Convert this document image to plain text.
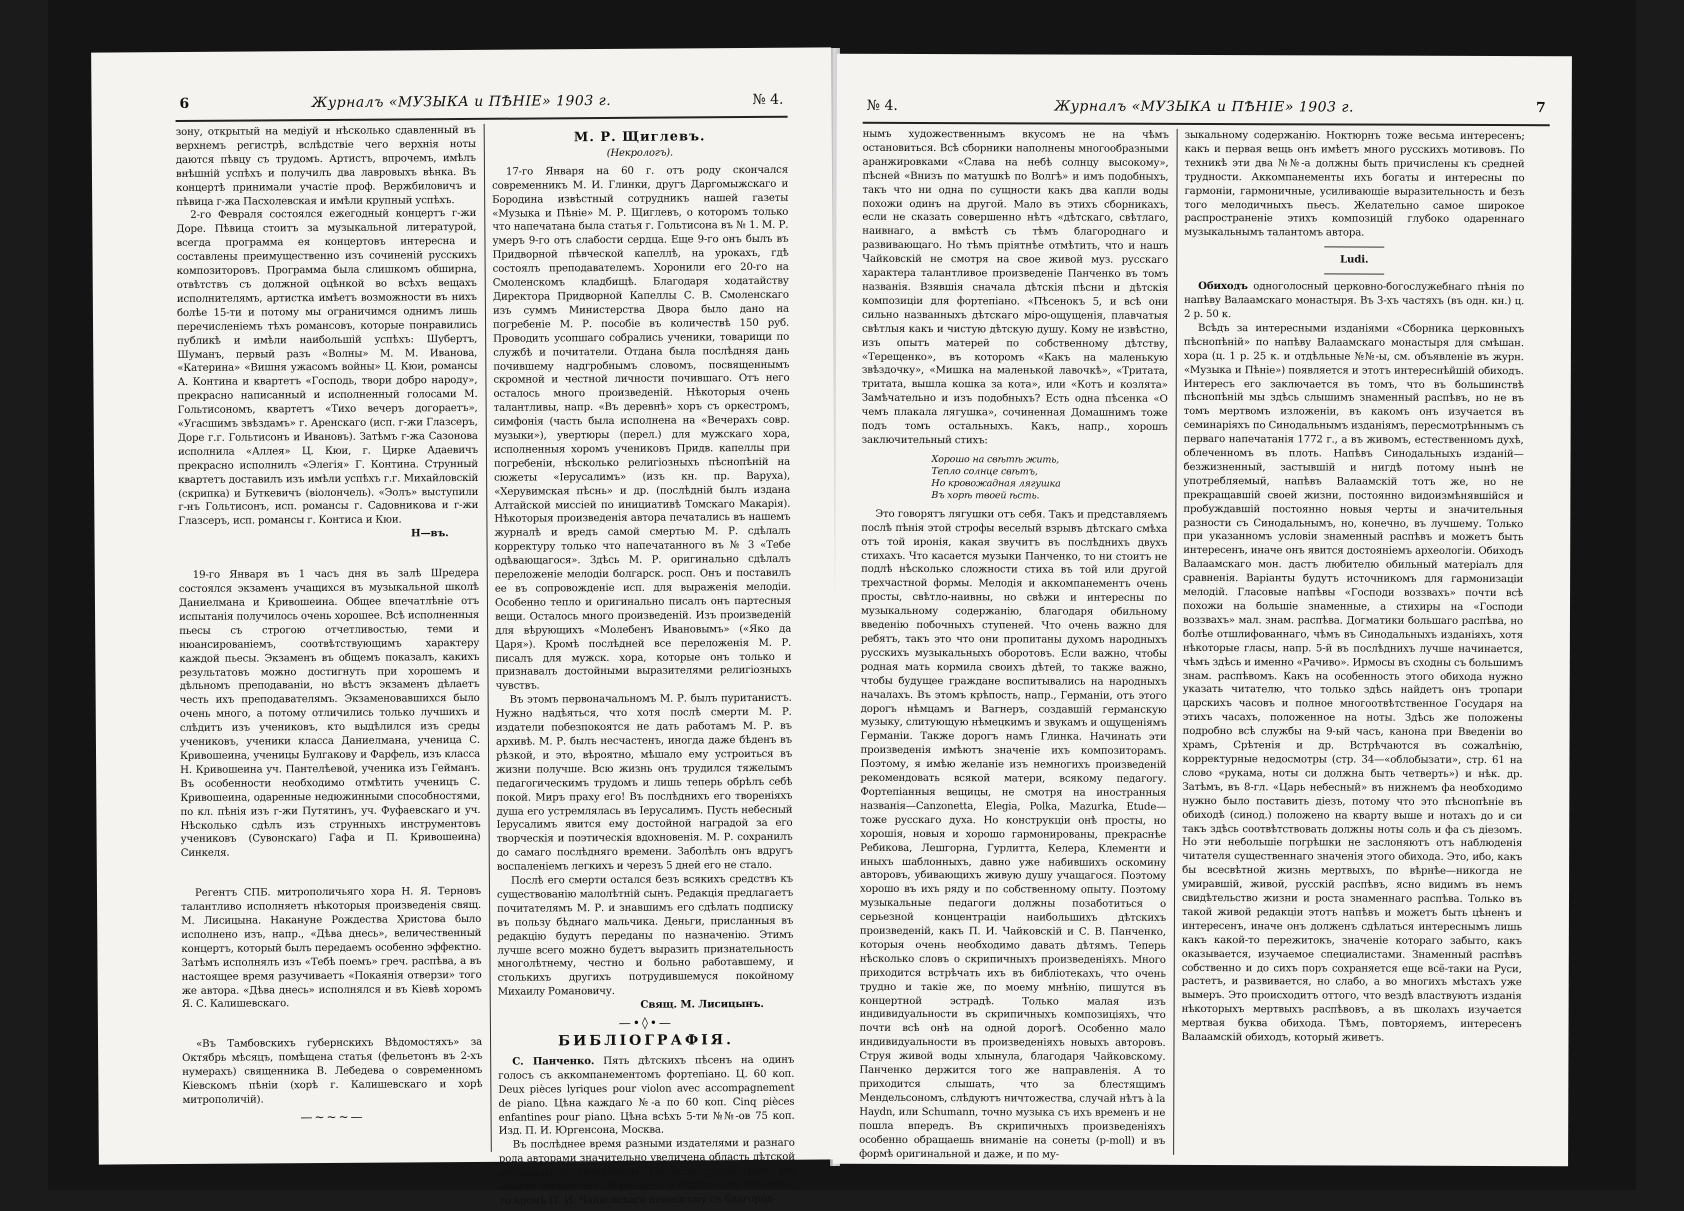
6	Журналъ «МУЗЫКА и ПѢНІЕ» 1903 г.	№ 4.

зону, открытый на медіуй и нѣсколько сдавленный въ верхнемъ регистрѣ, вслѣдствіе чего верхнія ноты даются пѣвцу съ трудомъ. Артистъ, впрочемъ, имѣлъ внѣшній успѣхъ и получилъ два лавровыхъ вѣнка. Въ концертѣ принимали участіе проф. Вержбиловичъ и пѣвица г-жа Пасхолевская и имѣли крупный успѣхъ.

2-го Февраля состоялся ежегодный концертъ г-жи Доре. Пѣвица стоитъ за музыкальной литературой, всегда программа ея концертовъ интересна и составлены преимущественно изъ сочиненій русскихъ композиторовъ. Программа была слишкомъ обширна, отвѣтствъ съ должной оцѣнкой во всѣхъ вещахъ исполнителямъ, артистка имѣетъ возможности въ нихъ болѣе 15-ти и потому мы ограничимся однимъ лишь перечисленіемъ тѣхъ романсовъ, которые понравились публикѣ и имѣли наибольшій успѣхъ: Шубертъ, Шуманъ, первый разъ «Волны» М. М. Иванова, «Катерина» «Вишня ужасомъ войны» Ц. Кюи, романсы А. Контина и квартетъ «Господь, твори добро народу», прекрасно написанный и исполненный голосами М. Гольтисономъ, квартетъ «Тихо вечеръ догораетъ», «Угасшимъ звѣздамъ» г. Аренскаго (исп. г-жи Глазсеръ, Доре г.г. Гольтисонъ и Ивановъ). Затѣмъ г-жа Сазонова исполнила «Аллея» Ц. Кюи, г. Цирке Адаевичъ прекрасно исполнилъ «Элегія» Г. Контина. Струнный квартетъ доставилъ изъ имѣли успѣхъ г.г. Михайловскій (скрипка) и Буткевичъ (віолончель). «Эолъ» выступили г-нъ Гольтисонъ, исп. романсы г. Садовникова и г-жи Глазсеръ, исп. романсы г. Контиса и Кюи.

Н—въ.

19-го Января въ 1 часъ дня въ залѣ Шредера состоялся экзаменъ учащихся въ музыкальной школѣ Даниелмана и Кривошеина. Общее впечатлѣніе отъ испытанія получилось очень хорошее. Всѣ исполненныя пьесы съ строгою отчетливостью, теми и нюансированіемъ, соотвѣтствующимъ характеру каждой пьесы. Экзаменъ въ общемъ показалъ, какихъ результатовъ можно достигнуть при хорошемъ и дѣльномъ преподаваніи, но вѣстъ экзаменъ дѣлаетъ честь ихъ преподавателямъ. Экзаменовавшихся было очень много, а потому отличились только лучшихъ и слѣдитъ изъ учениковъ, кто выдѣлился изъ среды учениковъ, ученики класса Даниелмана, ученица С. Кривошеина, ученицы Булгакову и Фарфель, изъ класса Н. Кривошеина уч. Пантелѣевой, ученика изъ Гейманъ. Въ особенности необходимо отмѣтить ученицъ С. Кривошеина, одаренные недюжинными способностями, по кл. пѣнія изъ г-жи Путятинъ, уч. Фуфаевскаго и уч. Нѣсколько сдѣлъ изъ струнныхъ инструментовъ учениковъ (Сувонскаго) Гафа и П. Кривошеина) Синкеля.

Регентъ СПБ. митрополичьяго хора Н. Я. Терновъ талантливо исполняетъ нѣкоторыя произведенія свящ. М. Лисицына. Накануне Рождества Христова было исполнено изъ, напр., «Дѣва днесь», величественный концертъ, который былъ передаемъ особенно эффектно. Затѣмъ исполнялъ изъ «Тебѣ поемъ» греч. распѣва, а въ настоящее время разучиваетъ «Покаянія отверзи» того же автора. «Дѣва днесь» исполнялся и въ Кіевѣ хоромъ Я. С. Калишевскаго.

«Въ Тамбовскихъ губернскихъ Вѣдомостяхъ» за Октябрь мѣсяцъ, помѣщена статья (фельетонъ въ 2-хъ нумерахъ) священника В. Лебедева о современномъ Кіевскомъ пѣніи (хорѣ г. Калишевскаго и хорѣ митрополичій).

—~~~—
М. Р. Щиглевъ.
(Некрологъ).

17-го Января на 60 г. отъ роду скончался современникъ М. И. Глинки, другъ Даргомыжскаго и Бородина извѣстный сотрудникъ нашей газеты «Музыка и Пѣніе» М. Р. Щиглевъ, о которомъ только что напечатана была статья г. Гольтисона въ № 1. М. Р. умеръ 9-го отъ слабости сердца. Еще 9-го онъ былъ въ Придворной пѣвческой капеллѣ, на урокахъ, гдѣ состоялъ преподавателемъ. Хоронили его 20-го на Смоленскомъ кладбищѣ. Благодаря ходатайству Директора Придворной Капеллы С. В. Смоленскаго изъ суммъ Министерства Двора было дано на погребеніе М. Р. пособіе въ количествѣ 150 руб. Проводить усопшаго собрались ученики, товарищи по службѣ и почитатели. Отдана была послѣдняя дань почившему надгробнымъ словомъ, посвященнымъ скромной и честной личности почившаго. Отъ него осталось много произведеній. Нѣкоторыя очень талантливы, напр. «Въ деревнѣ» хоръ съ оркестромъ, симфонія (часть была исполнена на «Вечерахъ совр. музыки»), увертюры (перел.) для мужскаго хора, исполненныя хоромъ учениковъ Придв. капеллы при погребеніи, нѣсколько религіозныхъ пѣснопѣній на сюжеты «Іерусалимъ» (изъ кн. пр. Варуха), «Херувимская пѣснь» и др. (послѣдній былъ издана Алтайской миссіей по инициативѣ Томскаго Макарія). Нѣкоторыя произведенія автора печатались въ нашемъ журналѣ и вредъ самой смертью М. Р. сдѣлалъ корректуру только что напечатанного въ № 3 «Тебе одѣвающагося». Здѣсь М. Р. оригинально сдѣлалъ переложеніе мелодіи болгарск. росп. Онъ и поставилъ ее въ сопровожденіе исп. для выраженія мелодіи. Особенно тепло и оригинально писалъ онъ партесныя вещи. Осталось много произведеній. Изъ произведеній для вѣрующихъ «Молебенъ Ивановымъ» («Яко да Царя»). Кромѣ послѣдней все переложенія М. Р. писалъ для мужск. хора, которые онъ только и признавалъ достойными выразителями религіозныхъ чувствъ.

Въ этомъ первоначальномъ М. Р. былъ пуританистъ. Нужно надѣяться, что хотя послѣ смерти М. Р. издатели побезпокоятся не дать работамъ М. Р. въ архивѣ. М. Р. былъ несчастенъ, иногда даже бѣденъ въ рѣзкой, и это, вѣроятно, мѣшало ему устроиться въ жизни получше. Всю жизнь онъ трудился тяжелымъ педагогическимъ трудомъ и лишь теперь обрѣлъ себѣ покой. Миръ праху его! Въ послѣднихъ его твореніяхъ душа его устремлялась въ Іерусалимъ. Пусть небесный Іерусалимъ явится ему достойной наградой за его творческія и поэтическія вдохновенія. М. Р. сохранилъ до самаго послѣдняго времени. Заболѣлъ онъ вдругъ воспаленіемъ легкихъ и черезъ 5 дней его не стало.

Послѣ его смерти остался безъ всякихъ средствъ къ существованію малолѣтній сынъ. Редакція предлагаетъ почитателямъ М. Р. и знавшимъ его сдѣлать подписку въ пользу бѣднаго мальчика. Деньги, присланныя въ редакцію будутъ переданы по назначенію. Этимъ лучше всего можно будетъ выразить признательность многолѣтнему, честно и больно работавшему, и столькихъ другихъ потрудившемуся покойному Михаилу Романовичу.

Свящ. М. Лисицынъ.
—•◊•—
БИБЛІОГРАФІЯ.

С. Панченко. Пять дѣтскихъ пѣсенъ на одинъ голосъ съ аккомпанементомъ фортепіано. Ц. 60 коп. Deux pièces lyriques pour violon avec accompagnement de piano. Цѣна каждаго №-а по 60 коп. Cinq pièces enfantines pour piano. Цѣна всѣхъ 5-ти №№-ов 75 коп. Изд. П. И. Юргенсона, Москва.

Въ послѣднее время разными издателями и разнаго рода авторами значительно увеличена область дѣтской музыкальной литературы. Но если просмотрѣть все многое множество сборниковъ и отдѣльныхъ №№-ровъ, то кромѣ П. И. Чайковскаго немногому съ благород-

№ 4.	Журналъ «МУЗЫКА и ПѢНІЕ» 1903 г.	7

нымъ художественнымъ вкусомъ не на чѣмъ остановиться. Всѣ сборники наполнены многообразными аранжировками «Слава на небѣ солнцу высокому», пѣсней «Внизъ по матушкѣ по Волгѣ» и имъ подобныхъ, такъ что ни одна по сущности какъ два капли воды похожи одинъ на другой. Мало въ этихъ сборникахъ, если не сказать совершенно нѣтъ «дѣтскаго, свѣтлаго, наивнаго, а вмѣстѣ съ тѣмъ благороднаго и развивающаго. Но тѣмъ пріятнѣе отмѣтить, что и нашъ Чайковскій не смотря на свое живой муз. русскаго характера талантливое произведеніе Панченко въ томъ названія. Взявшія сначала дѣтскія пѣсни и дѣтскія композиціи для фортепіано. «Пѣсенокъ 5, и всѣ они сильно названныхъ дѣтскаго міро-ощущенія, плавчатыя свѣтлыя какъ и чистую дѣтскую душу. Кому не извѣстно, изъ опытъ матерей по собственному дѣтству, «Терещенко», въ которомъ «Какъ на маленькую звѣздочку», «Мишка на маленькой лавочкѣ», «Тритата, тритата, вышла кошка за кота», или «Котъ и козлята» Замѣчательно и изъ подобныхъ? Есть одна пѣсенка «О чемъ плакала лягушка», сочиненная Домашнимъ тоже подъ томъ остальныхъ. Какъ, напр., хорошъ заключительный стихъ:

Хорошо на свѣтѣ жить,
Тепло солнце свѣтъ,
Но кровожадная лягушка
Въ хорѣ твоей ѣсть.

Это говорятъ лягушки отъ себя. Такъ и представляемъ послѣ пѣнія этой строфы веселый взрывъ дѣтскаго смѣха отъ той иронія, какая звучитъ въ послѣднихъ двухъ стихахъ. Что касается музыки Панченко, то ни стоитъ не подлѣ нѣсколько сложности стиха въ той или другой трехчастной формы. Мелодія и аккомпанементъ очень просты, свѣтло-наивны, но свѣжи и интересны по музыкальному содержанію, благодаря обильному введенію побочныхъ ступеней. Что очень важно для ребятъ, такъ это что они пропитаны духомъ народныхъ русскихъ музыкальныхъ оборотовъ. Если важно, чтобы родная мать кормила своихъ дѣтей, то также важно, чтобы будущее граждане воспитывались на народныхъ началахъ. Въ этомъ крѣпость, напр., Германіи, отъ этого дорогъ нѣмцамъ и Вагнеръ, создавшій германскую музыку, слитующую нѣмецкимъ и звукамъ и ощущеніямъ Германіи. Также дорогъ намъ Глинка. Начинать эти произведенія имѣютъ значеніе ихъ композиторамъ. Поэтому, я имѣю желаніе изъ немногихъ произведеній рекомендовать всякой матери, всякому педагогу. Фортепіанныя вещицы, не смотря на иностранныя названія—Canzonetta, Elegia, Polka, Mazurka, Etude—тоже русскаго духа. Но конструкціи онѣ просты, но хорошія, новыя и хорошо гармонированы, прекраснѣе Ребикова, Лешгорна, Гурлитта, Келера, Клементи и иныхъ шаблонныхъ, давно уже набившихъ оскомину авторовъ, убивающихъ живую душу учащагося. Поэтому хорошо въ ихъ ряду и по собственному опыту. Поэтому музыкальные педагоги должны позаботиться о серьезной концентраціи наибольшихъ дѣтскихъ произведеній, какъ П. И. Чайковскій и С. В. Панченко, которыя очень необходимо давать дѣтямъ. Теперь нѣсколько словъ о скрипичныхъ произведеніяхъ. Много приходится встрѣчать ихъ въ библіотекахъ, что очень трудно и такіе же, по моему мнѣнію, пишутся въ концертной эстрадѣ. Только малая изъ индивидуальности въ скрипичныхъ композиціяхъ, что почти всѣ онѣ на одной дорогѣ. Особенно мало индивидуальности въ произведеніяхъ новыхъ авторовъ. Струя живой воды хлынула, благодаря Чайковскому. Панченко держится того же направленія. А то приходится слышать, что за блестящимъ Мендельсономъ, слѣдуютъ ничтожества, случай нѣтъ à la Haydn, или Schumann, точно музыка съ ихъ временъ и не пошла впередъ. Въ скрипичныхъ произведеніяхъ особенно обращаешь вниманіе на сонеты (p-moll) и въ формѣ оригинальной и даже, и по му-

зыкальному содержанію. Ноктюрнъ тоже весьма интересенъ; какъ и первая вещь онъ имѣетъ много русскихъ мотивовъ. По техникѣ эти два №№-а должны быть причислены къ средней трудности. Аккомпанементы ихъ богаты и интересны по гармоніи, гармоничные, усиливающіе выразительность и безъ того мелодичныхъ пьесъ. Желательно самое широкое распространеніе этихъ композицій глубоко одареннаго музыкальнымъ талантомъ автора.

Ludi.

Обиходъ одноголосный церковно-богослужебнаго пѣнія по напѣву Валаамскаго монастыря. Въ 3-хъ частяхъ (въ одн. кн.) ц. 2 р. 50 к.

Всѣдъ за интересными изданіями «Сборника церковныхъ пѣснопѣній» по напѣву Валаамскаго монастыря для смѣшан. хора (ц. 1 р. 25 к. и отдѣльные №№-ы, см. объявленіе въ журн. «Музыка и Пѣніе») появляется и этотъ интереснѣйшій обиходъ. Интересъ его заключается въ томъ, что въ большинствѣ пѣснопѣній мы здѣсь слышимъ знаменный распѣвъ, но не въ томъ мертвомъ изложеніи, въ какомъ онъ изучается въ семинаріяхъ по Синодальнымъ изданіямъ, пересмотрѣннымъ съ перваго напечатанія 1772 г., а въ живомъ, естественномъ духѣ, облеченномъ въ плоть. Напѣвъ Синодальныхъ изданій—безжизненный, застывшій и нигдѣ потому нынѣ не употребляемый, напѣвъ Валаамскій тотъ же, но не прекращавшій своей жизни, постоянно видоизмѣнявшійся и пробуждавшій постоянно новыя черты и значительныя разности съ Синодальнымъ, но, конечно, въ лучшему. Только при указанномъ условіи знаменный распѣвъ и можетъ быть интересенъ, иначе онъ явится достояніемъ археологіи. Обиходъ Валаамскаго мон. дастъ любителю обильный матеріалъ для сравненія. Варіанты будутъ источникомъ для гармонизаціи мелодій. Гласовые напѣвы «Господи воззвахъ» почти всѣ похожи на большіе знаменные, а стихиры на «Господи воззвахъ» мал. знам. распѣва. Догматики большаго распѣва, но болѣе отшлифованнаго, чѣмъ въ Синодальныхъ изданіяхъ, хотя нѣкоторые гласы, напр. 5-й въ послѣднихъ лучше начинается, чѣмъ здѣсь и именно «Рачиво». Ирмосы въ сходны съ большимъ знам. распѣвомъ. Какъ на особенность этого обихода нужно указать читателю, что только здѣсь найдетъ онъ тропари царскихъ часовъ и полное многоотвѣтственное Государя на этихъ часахъ, положенное на ноты. Здѣсь же положены подробно всѣ службы на 9-ый часъ, канона при Введеніи во храмъ, Срѣтенія и др. Встрѣчаются въ сожалѣнію, корректурные недосмотры (стр. 34—«облобызати», стр. 61 на слово «рукама, ноты си должна быть четверть») и нѣк. др. Затѣмъ, въ 8-гл. «Царь небесный» въ нижнемъ фа необходимо нужно было поставить діезъ, потому что это пѣснопѣніе въ обиходѣ (синод.) положено на кварту выше и нотахъ до и си такъ здѣсь соотвѣтствовать должны ноты соль и фа съ діезомъ. Но эти небольшіе погрѣшки не заслоняютъ отъ наблюденія читателя существеннаго значенія этого обихода. Это, ибо, какъ бы всесвѣтной жизнь мертвыхъ, по вѣрнѣе—никогда не умиравшій, живой, русскій распѣвъ, ясно видимъ въ немъ свидѣтельство жизни и роста знаменнаго распѣва. Только въ такой живой редакціи этотъ напѣвъ и можетъ быть цѣненъ и интересенъ, иначе онъ долженъ сдѣлаться интереснымъ лишь какъ какой-то пережитокъ, значеніе котораго забыто, какъ оказывается, изучаемое специалистами. Знаменный распѣвъ собственно и до сихъ поръ сохраняется еще всё-таки на Руси, растетъ, и развивается, но слабо, а во многихъ мѣстахъ уже вымеръ. Это происходитъ оттого, что вездѣ властвуютъ изданія нѣкоторыхъ мертвыхъ распѣвовъ, а въ школахъ изучается мертвая буква обихода. Тѣмъ, повторяемъ, интересенъ Валаамскій обиходъ, который живетъ.
